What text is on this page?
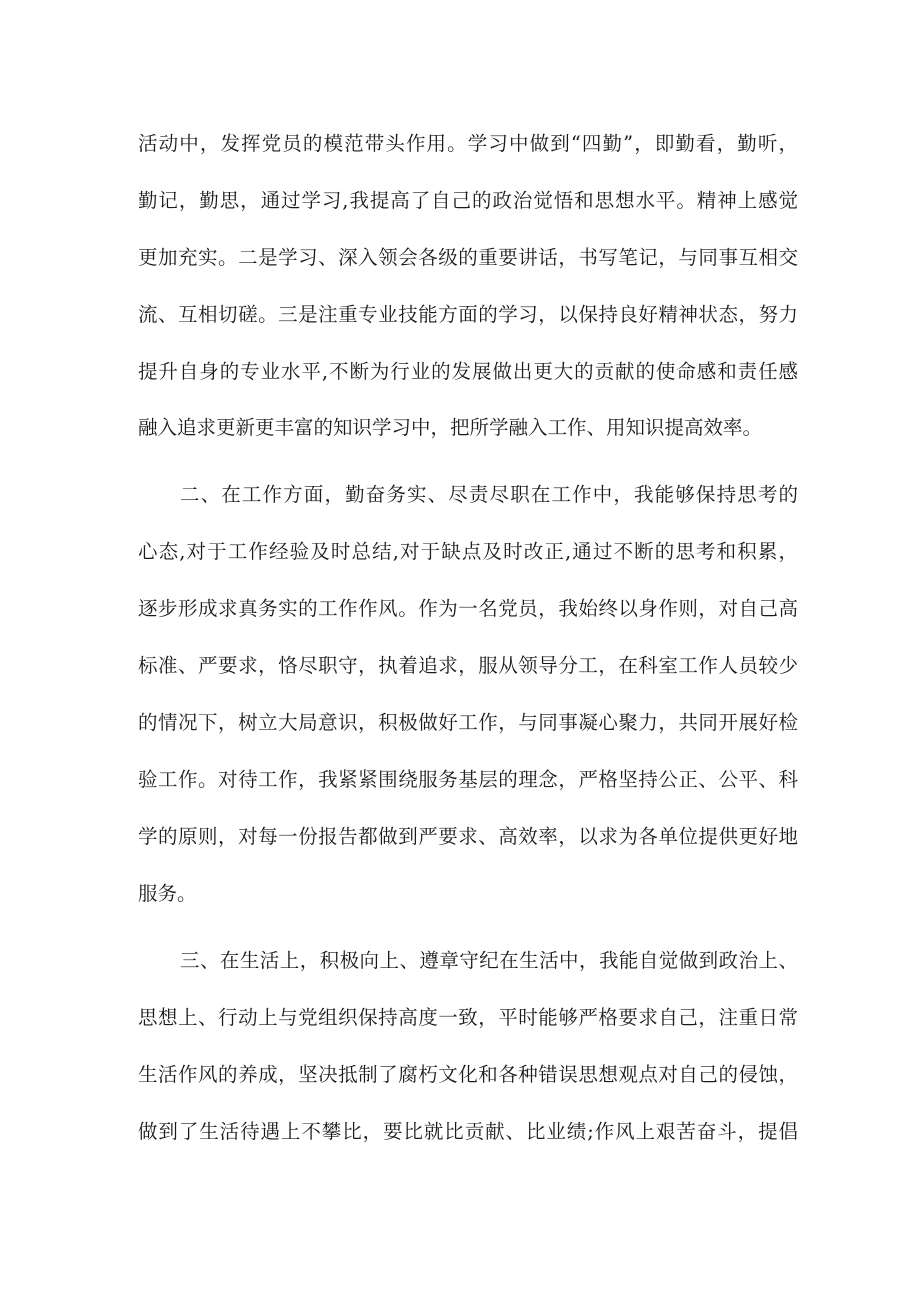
活动中，发挥党员的模范带头作用。学习中做到“四勤”，即勤看，勤听，
勤记，勤思，通过学习,我提高了自己的政治觉悟和思想水平。精神上感觉
更加充实。二是学习、深入领会各级的重要讲话，书写笔记，与同事互相交
流、互相切磋。三是注重专业技能方面的学习，以保持良好精神状态，努力
提升自身的专业水平,不断为行业的发展做出更大的贡献的使命感和责任感
融入追求更新更丰富的知识学习中，把所学融入工作、用知识提高效率。
二、在工作方面，勤奋务实、尽责尽职在工作中，我能够保持思考的
心态,对于工作经验及时总结,对于缺点及时改正,通过不断的思考和积累，
逐步形成求真务实的工作作风。作为一名党员，我始终以身作则，对自己高
标准、严要求，恪尽职守，执着追求，服从领导分工，在科室工作人员较少
的情况下，树立大局意识，积极做好工作，与同事凝心聚力，共同开展好检
验工作。对待工作，我紧紧围绕服务基层的理念，严格坚持公正、公平、科
学的原则，对每一份报告都做到严要求、高效率，以求为各单位提供更好地
服务。
三、在生活上，积极向上、遵章守纪在生活中，我能自觉做到政治上、
思想上、行动上与党组织保持高度一致，平时能够严格要求自己，注重日常
生活作风的养成，坚决抵制了腐朽文化和各种错误思想观点对自己的侵蚀，
做到了生活待遇上不攀比，要比就比贡献、比业绩;作风上艰苦奋斗，提倡
